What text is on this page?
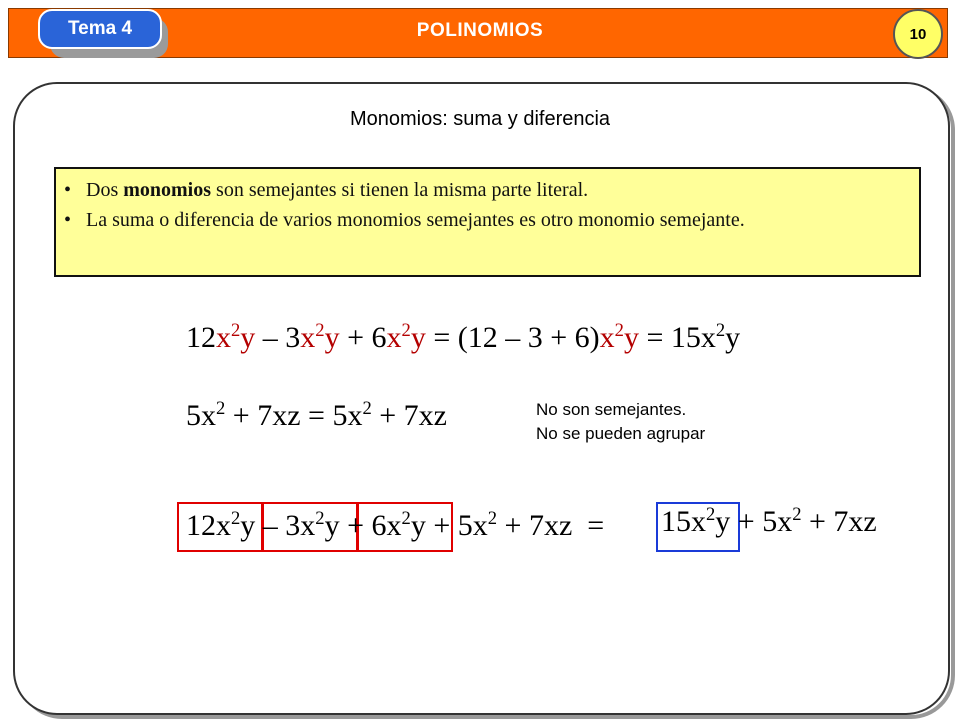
Tema 4	POLINOMIOS	10
Monomios: suma y diferencia
• Dos monomios son semejantes si tienen la misma parte literal.
• La suma o diferencia de varios monomios semejantes es otro monomio semejante.
$12x^2y - 3x^2y + 6x^2y = (12 - 3 + 6)x^2y = 15x^2y$
$5x^2 + 7xz = 5x^2 + 7xz$	No son semejantes.
No se pueden agrupar
$12x^2y - 3x^2y + 6x^2y + 5x^2 + 7xz = 15x^2y + 5x^2 + 7xz$
